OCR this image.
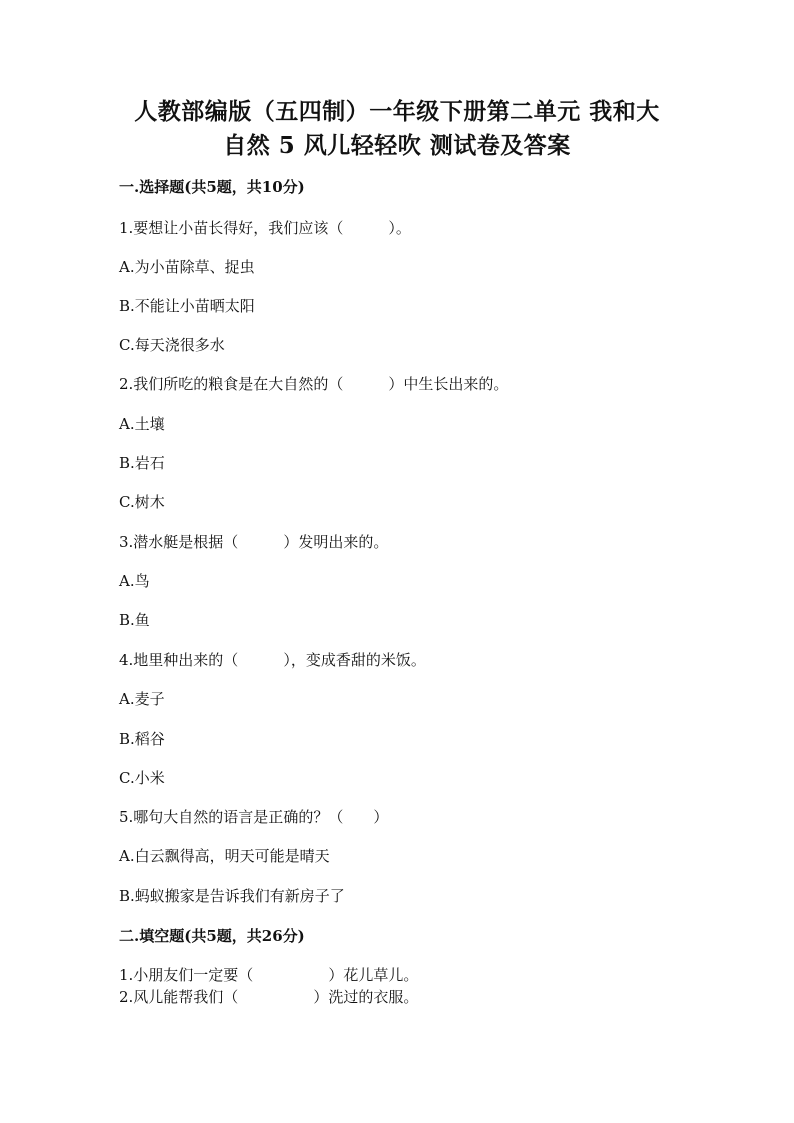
人教部编版（五四制）一年级下册第二单元 我和大
自然 5 风儿轻轻吹 测试卷及答案

一.选择题(共5题，共10分)

1.要想让小苗长得好，我们应该（　　　）。

A.为小苗除草、捉虫

B.不能让小苗晒太阳

C.每天浇很多水

2.我们所吃的粮食是在大自然的（　　　）中生长出来的。

A.土壤

B.岩石

C.树木

3.潜水艇是根据（　　　）发明出来的。

A.鸟

B.鱼

4.地里种出来的（　　　），变成香甜的米饭。

A.麦子

B.稻谷

C.小米

5.哪句大自然的语言是正确的？（　　）

A.白云飘得高，明天可能是晴天

B.蚂蚁搬家是告诉我们有新房子了

二.填空题(共5题，共26分)

1.小朋友们一定要（　　　　　）花儿草儿。

2.风儿能帮我们（　　　　　）洗过的衣服。
